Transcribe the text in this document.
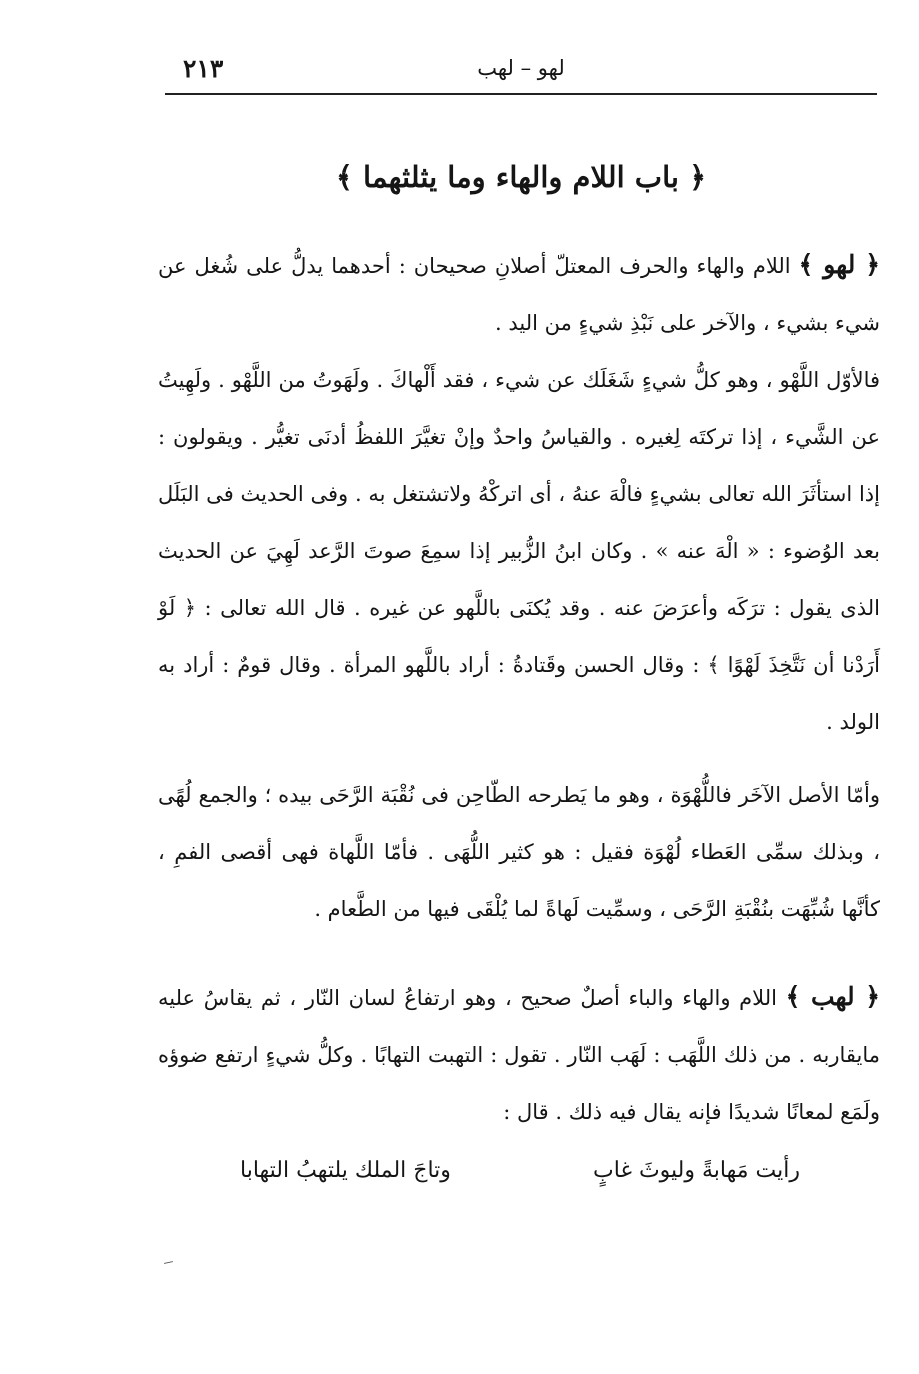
لهو – لهب
٢١٣
﴿ باب اللام والهاء وما يثلثهما ﴾

﴿ لهو ﴾ اللام والهاء والحرف المعتلّ أصلانِ صحيحان : أحدهما يدلُّ على شُغل عن شيء بشيء ، والآخر على نَبْذِ شيءٍ من اليد .

فالأوّل اللَّهْو ، وهو كلُّ شيءٍ شَغَلَك عن شيء ، فقد أَلْهاكَ . ولَهَوتُ من اللَّهْو . ولَهِيتُ عن الشَّيء ، إذا تركتَه لِغيره . والقياسُ واحدٌ وإنْ تغيَّرَ اللفظُ أدنَى تغيُّر . ويقولون : إذا استأثَرَ الله تعالى بشيءٍ فالْهَ عنهُ ، أى اتركْهُ ولاتشتغل به . وفى الحديث فى البَلَل بعد الوُضوء : « الْهَ عنه » . وكان ابنُ الزُّبير إذا سمِعَ صوتَ الرَّعد لَهِيَ عن الحديث الذى يقول : ترَكَه وأعرَضَ عنه . وقد يُكنَى باللَّهو عن غيره . قال الله تعالى : ﴿ لَوْ أَرَدْنا أن نَتَّخِذَ لَهْوًا ﴾ : وقال الحسن وقَتادةُ : أراد باللَّهو المرأة . وقال قومٌ : أراد به الولد .

وأمّا الأصل الآخَر فاللُّهْوَة ، وهو ما يَطرحه الطّاحِن فى نُقْبَة الرَّحَى بيده ؛ والجمع لُهًى ، وبذلك سمِّى العَطاء لُهْوَة فقيل : هو كثير اللُّهَى . فأمّا اللَّهاة فهى أقصى الفمِ ، كأنَّها شُبِّهَت بنُقْبَةِ الرَّحَى ، وسمِّيت لَهاةً لما يُلْقَى فيها من الطَّعام .

﴿ لهب ﴾ اللام والهاء والباء أصلٌ صحيح ، وهو ارتفاعُ لسان النّار ، ثم يقاسُ عليه مايقاربه . من ذلك اللَّهَب : لَهَب النّار . تقول : التهبت التهابًا . وكلُّ شيءٍ ارتفع ضوؤه ولَمَع لمعانًا شديدًا فإنه يقال فيه ذلك . قال :

رأيت مَهابةً وليوثَ غابٍ
وتاجَ الملك يلتهبُ التهابا
